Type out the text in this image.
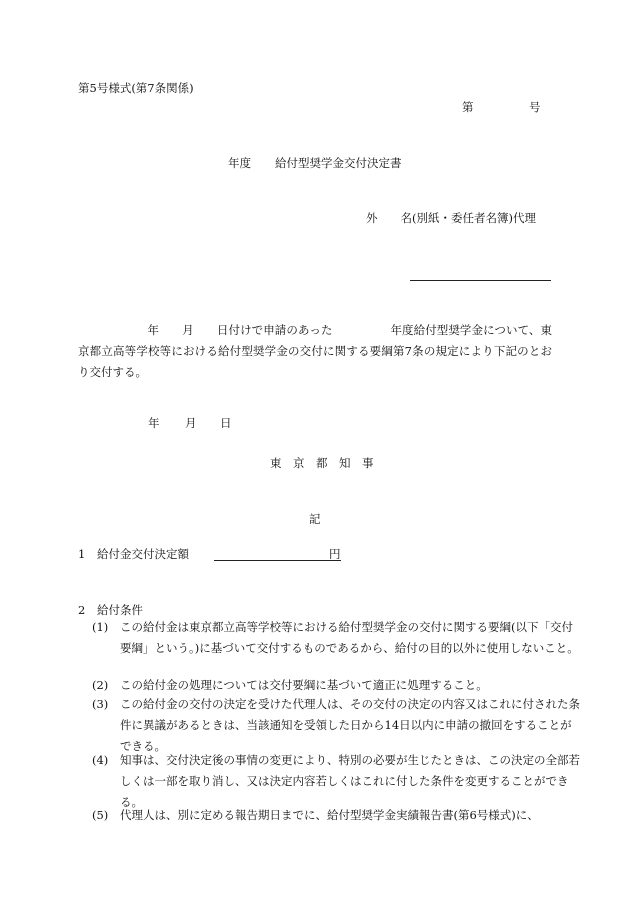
第5号様式(第7条関係)
第	号
年度 給付型奨学金交付決定書
外　　名(別紙・委任者名簿)代理

　　　　　　年　　月　　日付けで申請のあった　　　　　年度給付型奨学金について、東京都立高等学校等における給付型奨学金の交付に関する要綱第7条の規定により下記のとおり交付する。

年 月 日
東　京　都　知　事
記
1 給付金交付決定額	円
2 給付条件

(1) この給付金は東京都立高等学校等における給付型奨学金の交付に関する要綱(以下「交付要綱」という。)に基づいて交付するものであるから、給付の目的以外に使用しないこと。

(2) この給付金の処理については交付要綱に基づいて適正に処理すること。

(3) この給付金の交付の決定を受けた代理人は、その交付の決定の内容又はこれに付された条件に異議があるときは、当該通知を受領した日から14日以内に申請の撤回をすることができる。

(4) 知事は、交付決定後の事情の変更により、特別の必要が生じたときは、この決定の全部若しくは一部を取り消し、又は決定内容若しくはこれに付した条件を変更することができる。

(5) 代理人は、別に定める報告期日までに、給付型奨学金実績報告書(第6号様式)に、
